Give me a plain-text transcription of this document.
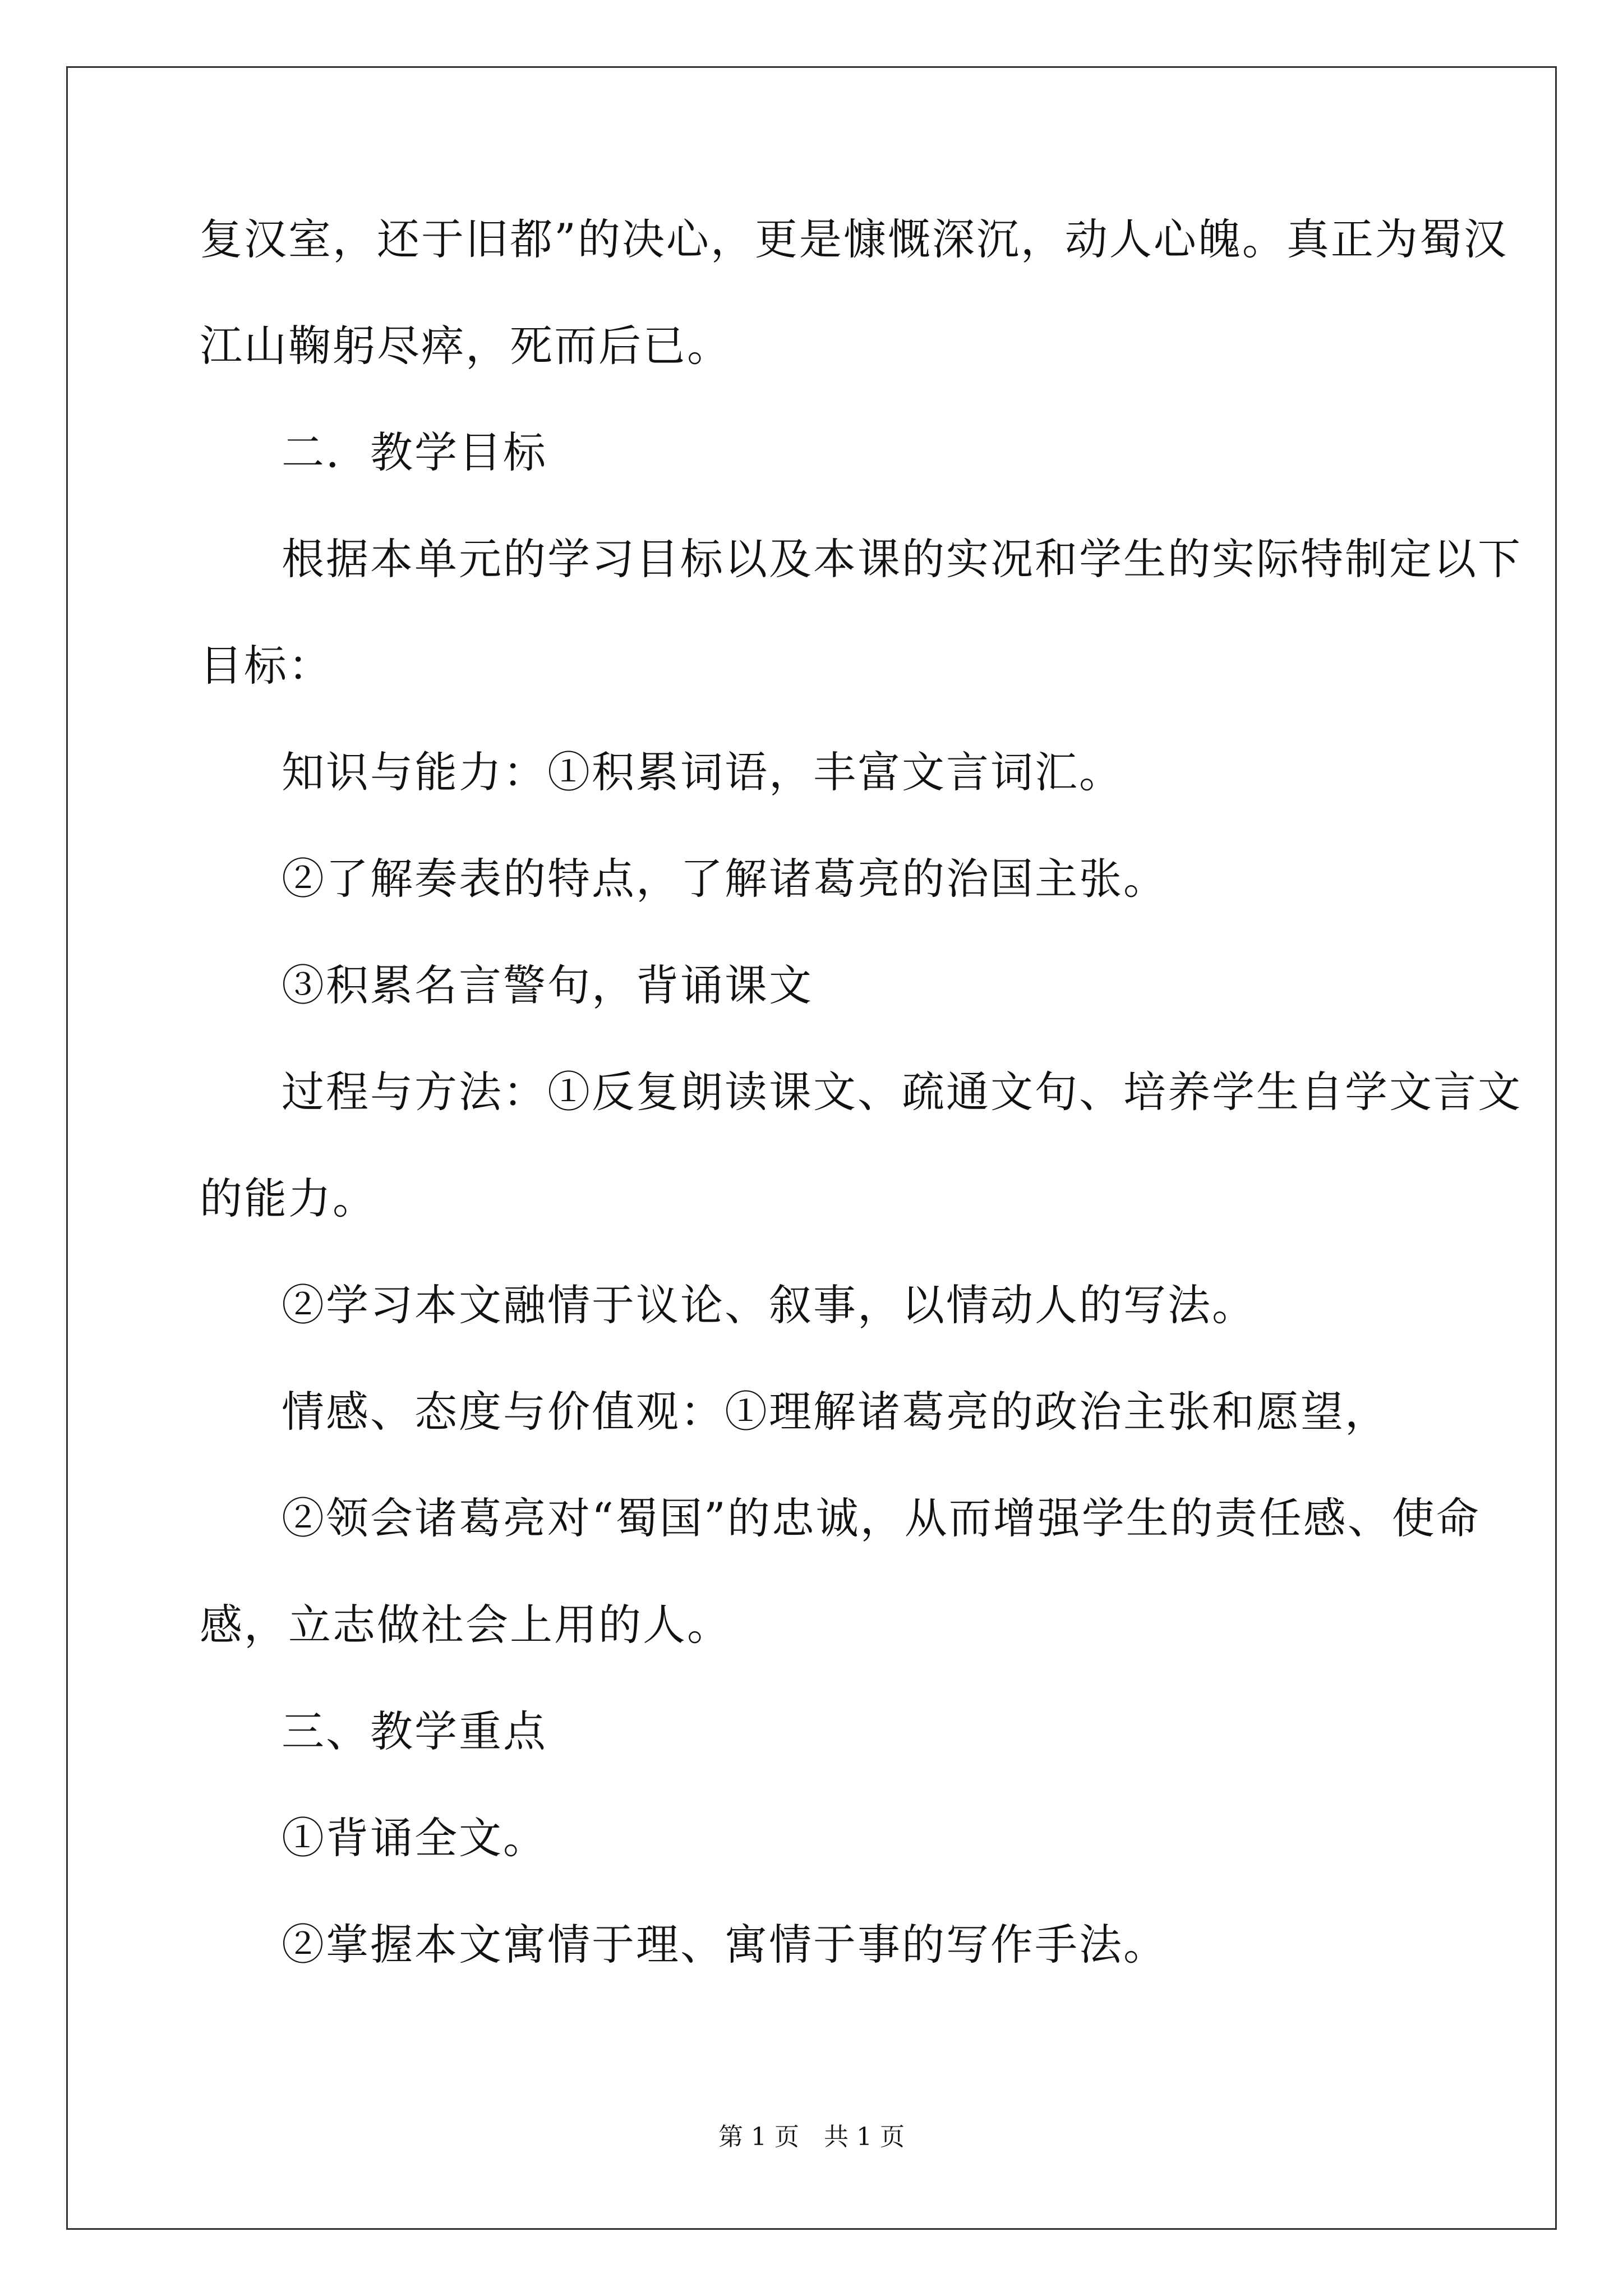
复汉室，还于旧都”的决心，更是慷慨深沉，动人心魄。真正为蜀汉
江山鞠躬尽瘁，死而后已。
二．教学目标
根据本单元的学习目标以及本课的实况和学生的实际特制定以下
目标：
知识与能力：①积累词语，丰富文言词汇。
②了解奏表的特点，了解诸葛亮的治国主张。
③积累名言警句，背诵课文
过程与方法：①反复朗读课文、疏通文句、培养学生自学文言文
的能力。
②学习本文融情于议论、叙事，以情动人的写法。
情感、态度与价值观：①理解诸葛亮的政治主张和愿望，
②领会诸葛亮对“蜀国”的忠诚，从而增强学生的责任感、使命
感，立志做社会上用的人。
三、教学重点
①背诵全文。
②掌握本文寓情于理、寓情于事的写作手法。
第 1 页　共 1 页
